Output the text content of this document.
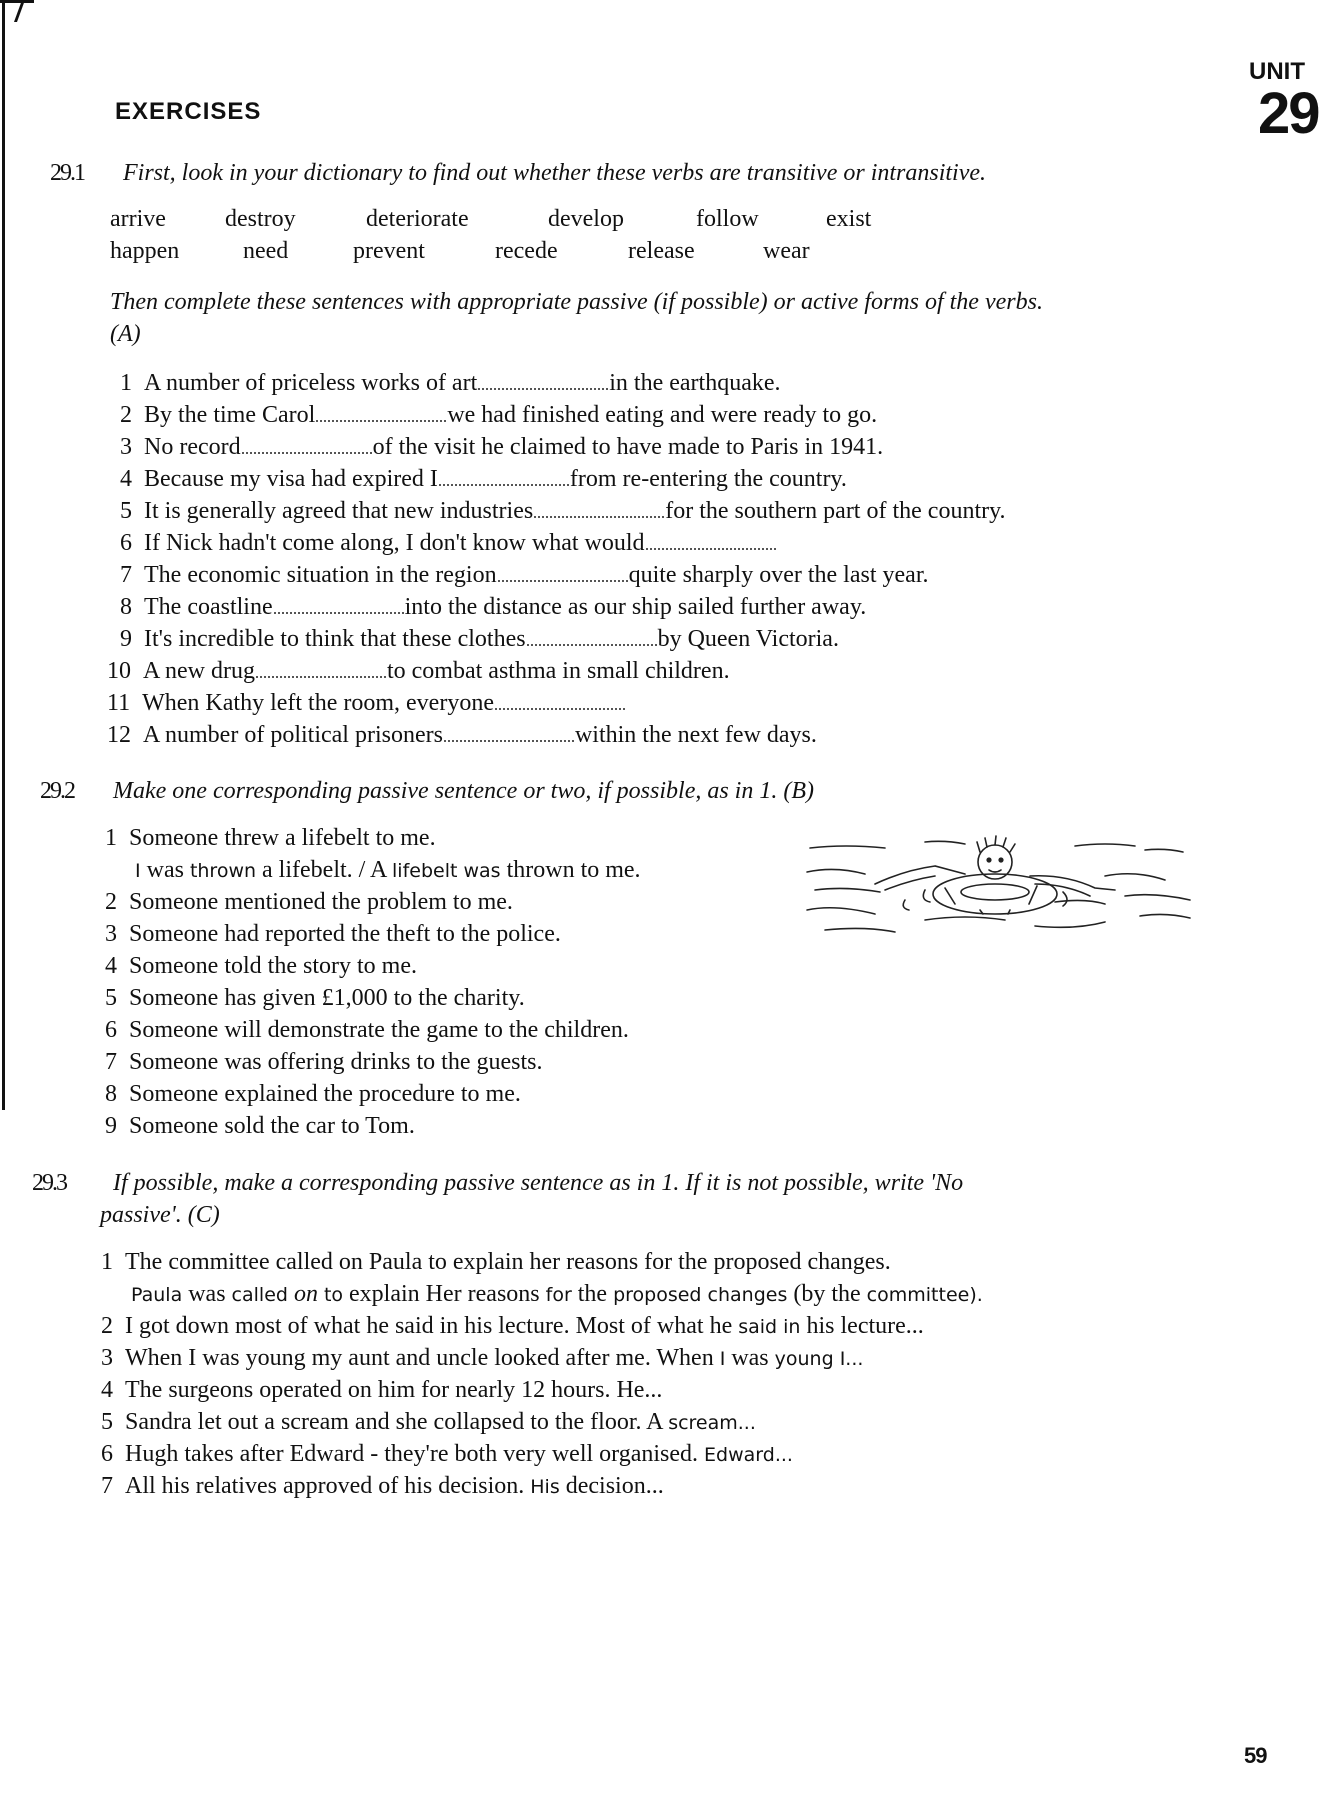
EXERCISES
UNIT
29
29.1 First, look in your dictionary to find out whether these verbs are transitive or intransitive.
arrive destroy	deteriorate	develop	follow	exist
happen	need	prevent	recede	release	wear
Then complete these sentences with appropriate passive (if possible) or active forms of the verbs.
(A)
1 A number of priceless works of art	in the earthquake.
2 By the time Carol	we had finished eating and were ready to go.
3 No record	of the visit he claimed to have made to Paris in 1941.
4 Because my visa had expired I	from re-entering the country.
5 It is generally agreed that new industries	for the southern part of the country.
6 If Nick hadn't come along, I don't know what would
7 The economic situation in the region	quite sharply over the last year.
8 The coastline	into the distance as our ship sailed further away.
9 It's incredible to think that these clothes	by Queen Victoria.
10 A new drug	to combat asthma in small children.
11 When Kathy left the room, everyone
12 A number of political prisoners	within the next few days.
29.2 Make one corresponding passive sentence or two, if possible, as in 1. (B)
1 Someone threw a lifebelt to me.
I was thrown a lifebelt. / A lifebelt was thrown to me.
2 Someone mentioned the problem to me.
3 Someone had reported the theft to the police.
4 Someone told the story to me.
5 Someone has given £1,000 to the charity.
6 Someone will demonstrate the game to the children.
7 Someone was offering drinks to the guests.
8 Someone explained the procedure to me.
9 Someone sold the car to Tom.
29.3 If possible, make a corresponding passive sentence as in 1. If it is not possible, write 'No
passive'. (C)
1 The committee called on Paula to explain her reasons for the proposed changes.
Paula was called on to explain Her reasons for the proposed changes (by the committee).
2 I got down most of what he said in his lecture. Most of what he said in his lecture...
3 When I was young my aunt and uncle looked after me. When I was young I...
4 The surgeons operated on him for nearly 12 hours. He...
5 Sandra let out a scream and she collapsed to the floor. A scream...
6 Hugh takes after Edward - they're both very well organised. Edward...
7 All his relatives approved of his decision. His decision...
59
